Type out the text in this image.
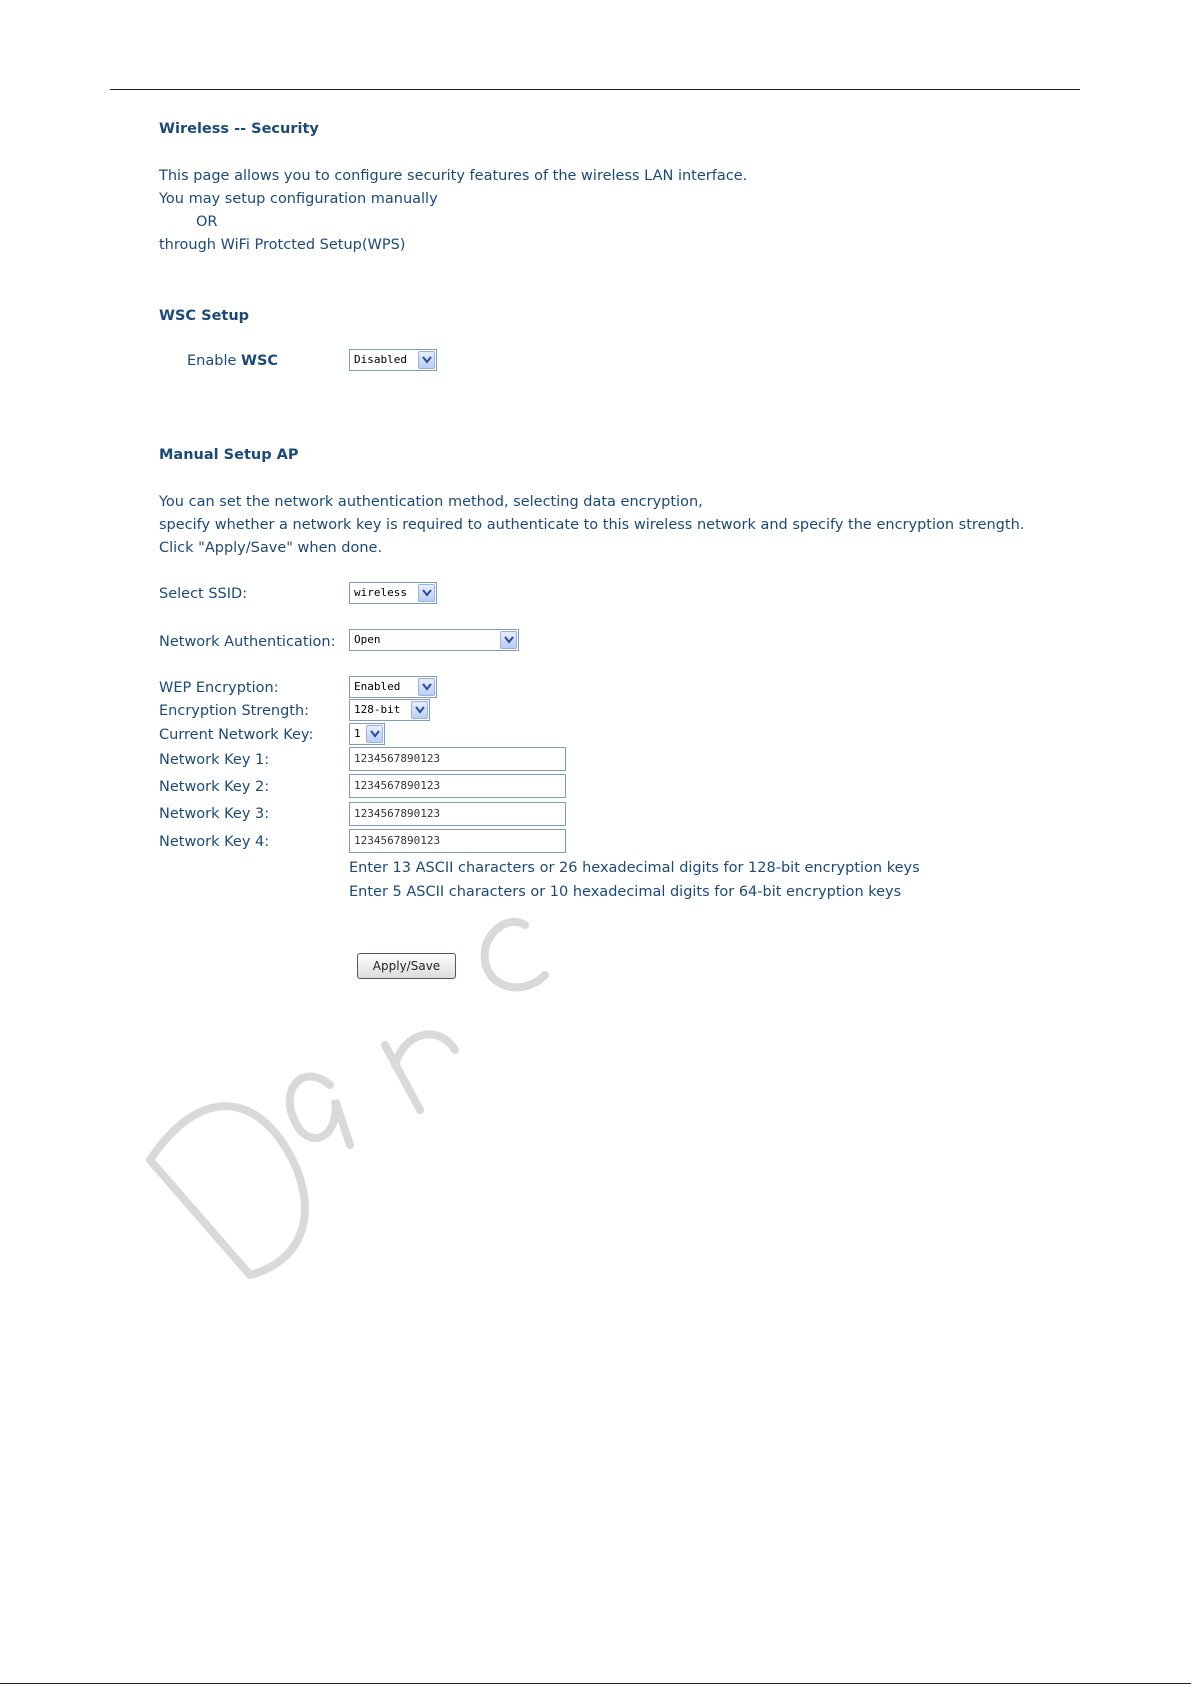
Wireless -- Security
This page allows you to configure security features of the wireless LAN interface.
You may setup configuration manually
OR
through WiFi Protcted Setup(WPS)
WSC Setup
Enable WSC	Disabled
Manual Setup AP
You can set the network authentication method, selecting data encryption,
specify whether a network key is required to authenticate to this wireless network and specify the encryption strength.
Click "Apply/Save" when done.
Select SSID:	wireless
Network Authentication: Open
WEP Encryption:	Enabled
Encryption Strength:	128-bit
Current Network Key:	1
Network Key 1:	1234567890123
Network Key 2:	1234567890123
Network Key 3:	1234567890123
Network Key 4:	1234567890123
Enter 13 ASCII characters or 26 hexadecimal digits for 128-bit encryption keys
Enter 5 ASCII characters or 10 hexadecimal digits for 64-bit encryption keys
Apply/Save
